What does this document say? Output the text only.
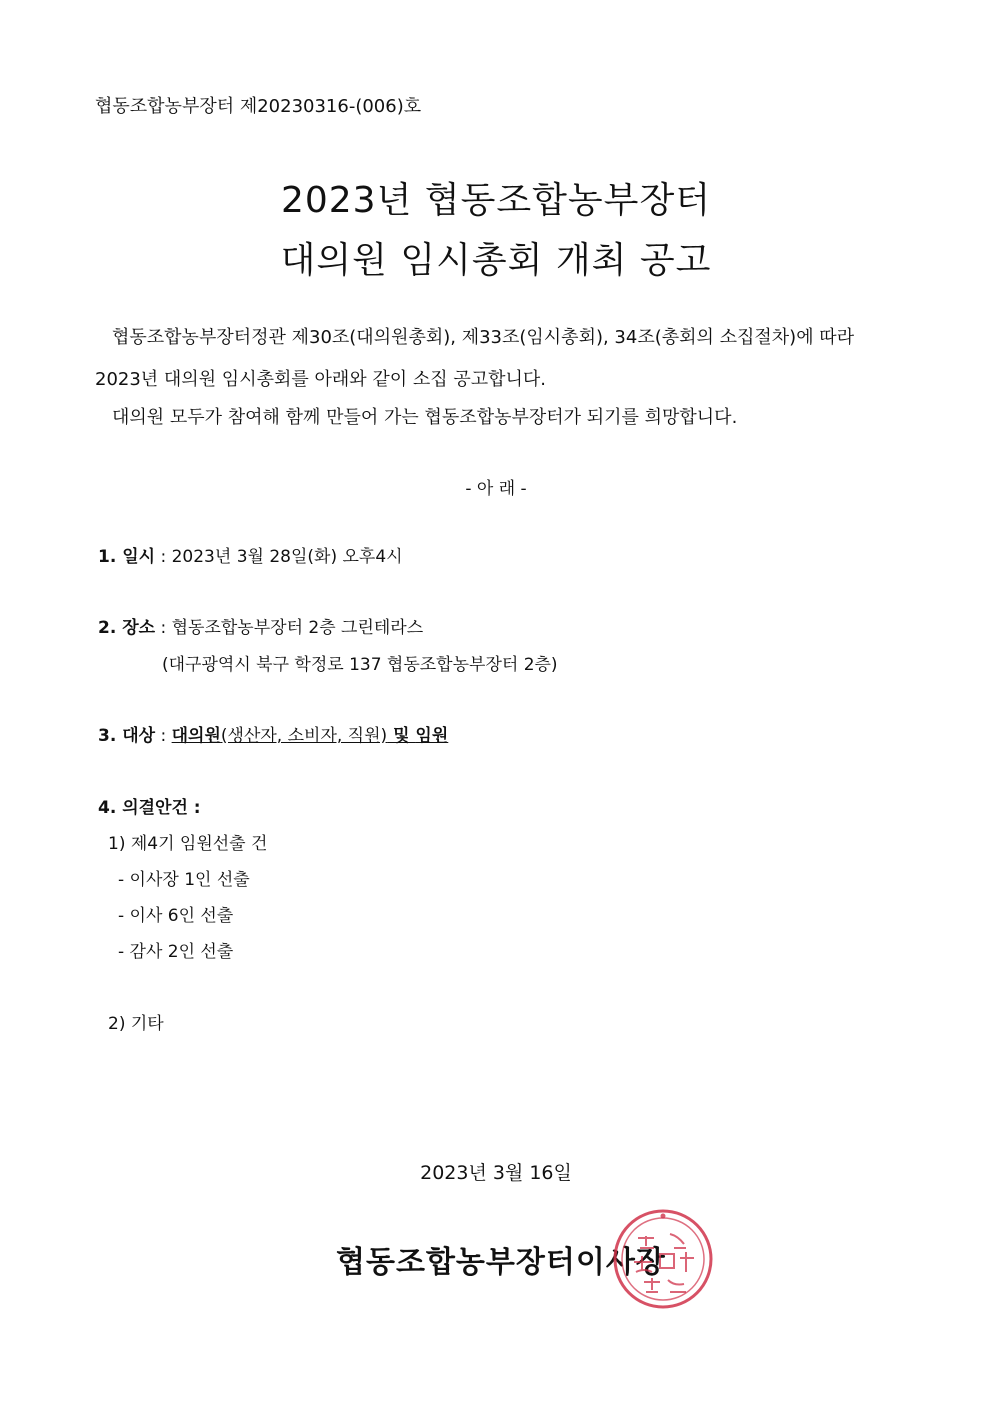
협동조합농부장터 제20230316-(006)호
2023년 협동조합농부장터
대의원 임시총회 개최 공고
협동조합농부장터정관 제30조(대의원총회), 제33조(임시총회), 34조(총회의 소집절차)에 따라
2023년 대의원 임시총회를 아래와 같이 소집 공고합니다.
대의원 모두가 참여해 함께 만들어 가는 협동조합농부장터가 되기를 희망합니다.
- 아 래 -
1. 일시 : 2023년 3월 28일(화) 오후4시
2. 장소 : 협동조합농부장터 2층 그린테라스
(대구광역시 북구 학정로 137 협동조합농부장터 2층)
3. 대상 : 대의원(생산자, 소비자, 직원) 및 임원
4. 의결안건 :
1) 제4기 임원선출 건
- 이사장 1인 선출
- 이사 6인 선출
- 감사 2인 선출
2) 기타
2023년 3월 16일
협동조합농부장터이사장
